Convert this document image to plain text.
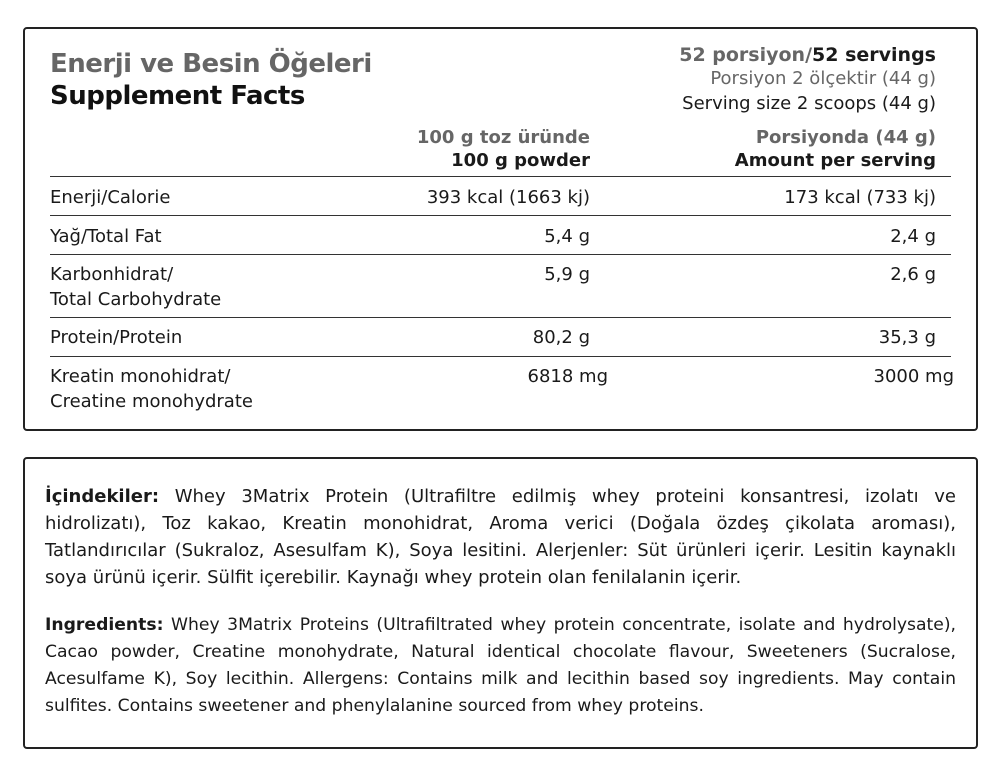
Enerji ve Besin Öğeleri
Supplement Facts
52 porsiyon/52 servings
Porsiyon 2 ölçektir (44 g)
Serving size 2 scoops (44 g)
100 g toz üründe
100 g powder
Porsiyonda (44 g)
Amount per serving
Enerji/Calorie	393 kcal (1663 kj)	173 kcal (733 kj)
Yağ/Total Fat	5,4 g	2,4 g
Karbonhidrat/
Total Carbohydrate
5,9 g	2,6 g
Protein/Protein	80,2 g	35,3 g
Kreatin monohidrat/
Creatine monohydrate
6818 mg	3000 mg

İçindekiler: Whey 3Matrix Protein (Ultrafiltre edilmiş whey proteini konsantresi, izolatı ve hidrolizatı), Toz kakao, Kreatin monohidrat, Aroma verici (Doğala özdeş çikolata aroması), Tatlandırıcılar (Sukraloz, Asesulfam K), Soya lesitini. Alerjenler: Süt ürünleri içerir. Lesitin kaynaklı soya ürünü içerir. Sülfit içerebilir. Kaynağı whey protein olan fenilalanin içerir.

Ingredients: Whey 3Matrix Proteins (Ultrafiltrated whey protein concentrate, isolate and hydrolysate), Cacao powder, Creatine monohydrate, Natural identical chocolate flavour, Sweeteners (Sucralose, Acesulfame K), Soy lecithin. Allergens: Contains milk and lecithin based soy ingredients. May contain sulfites. Contains sweetener and phenylalanine sourced from whey proteins.
